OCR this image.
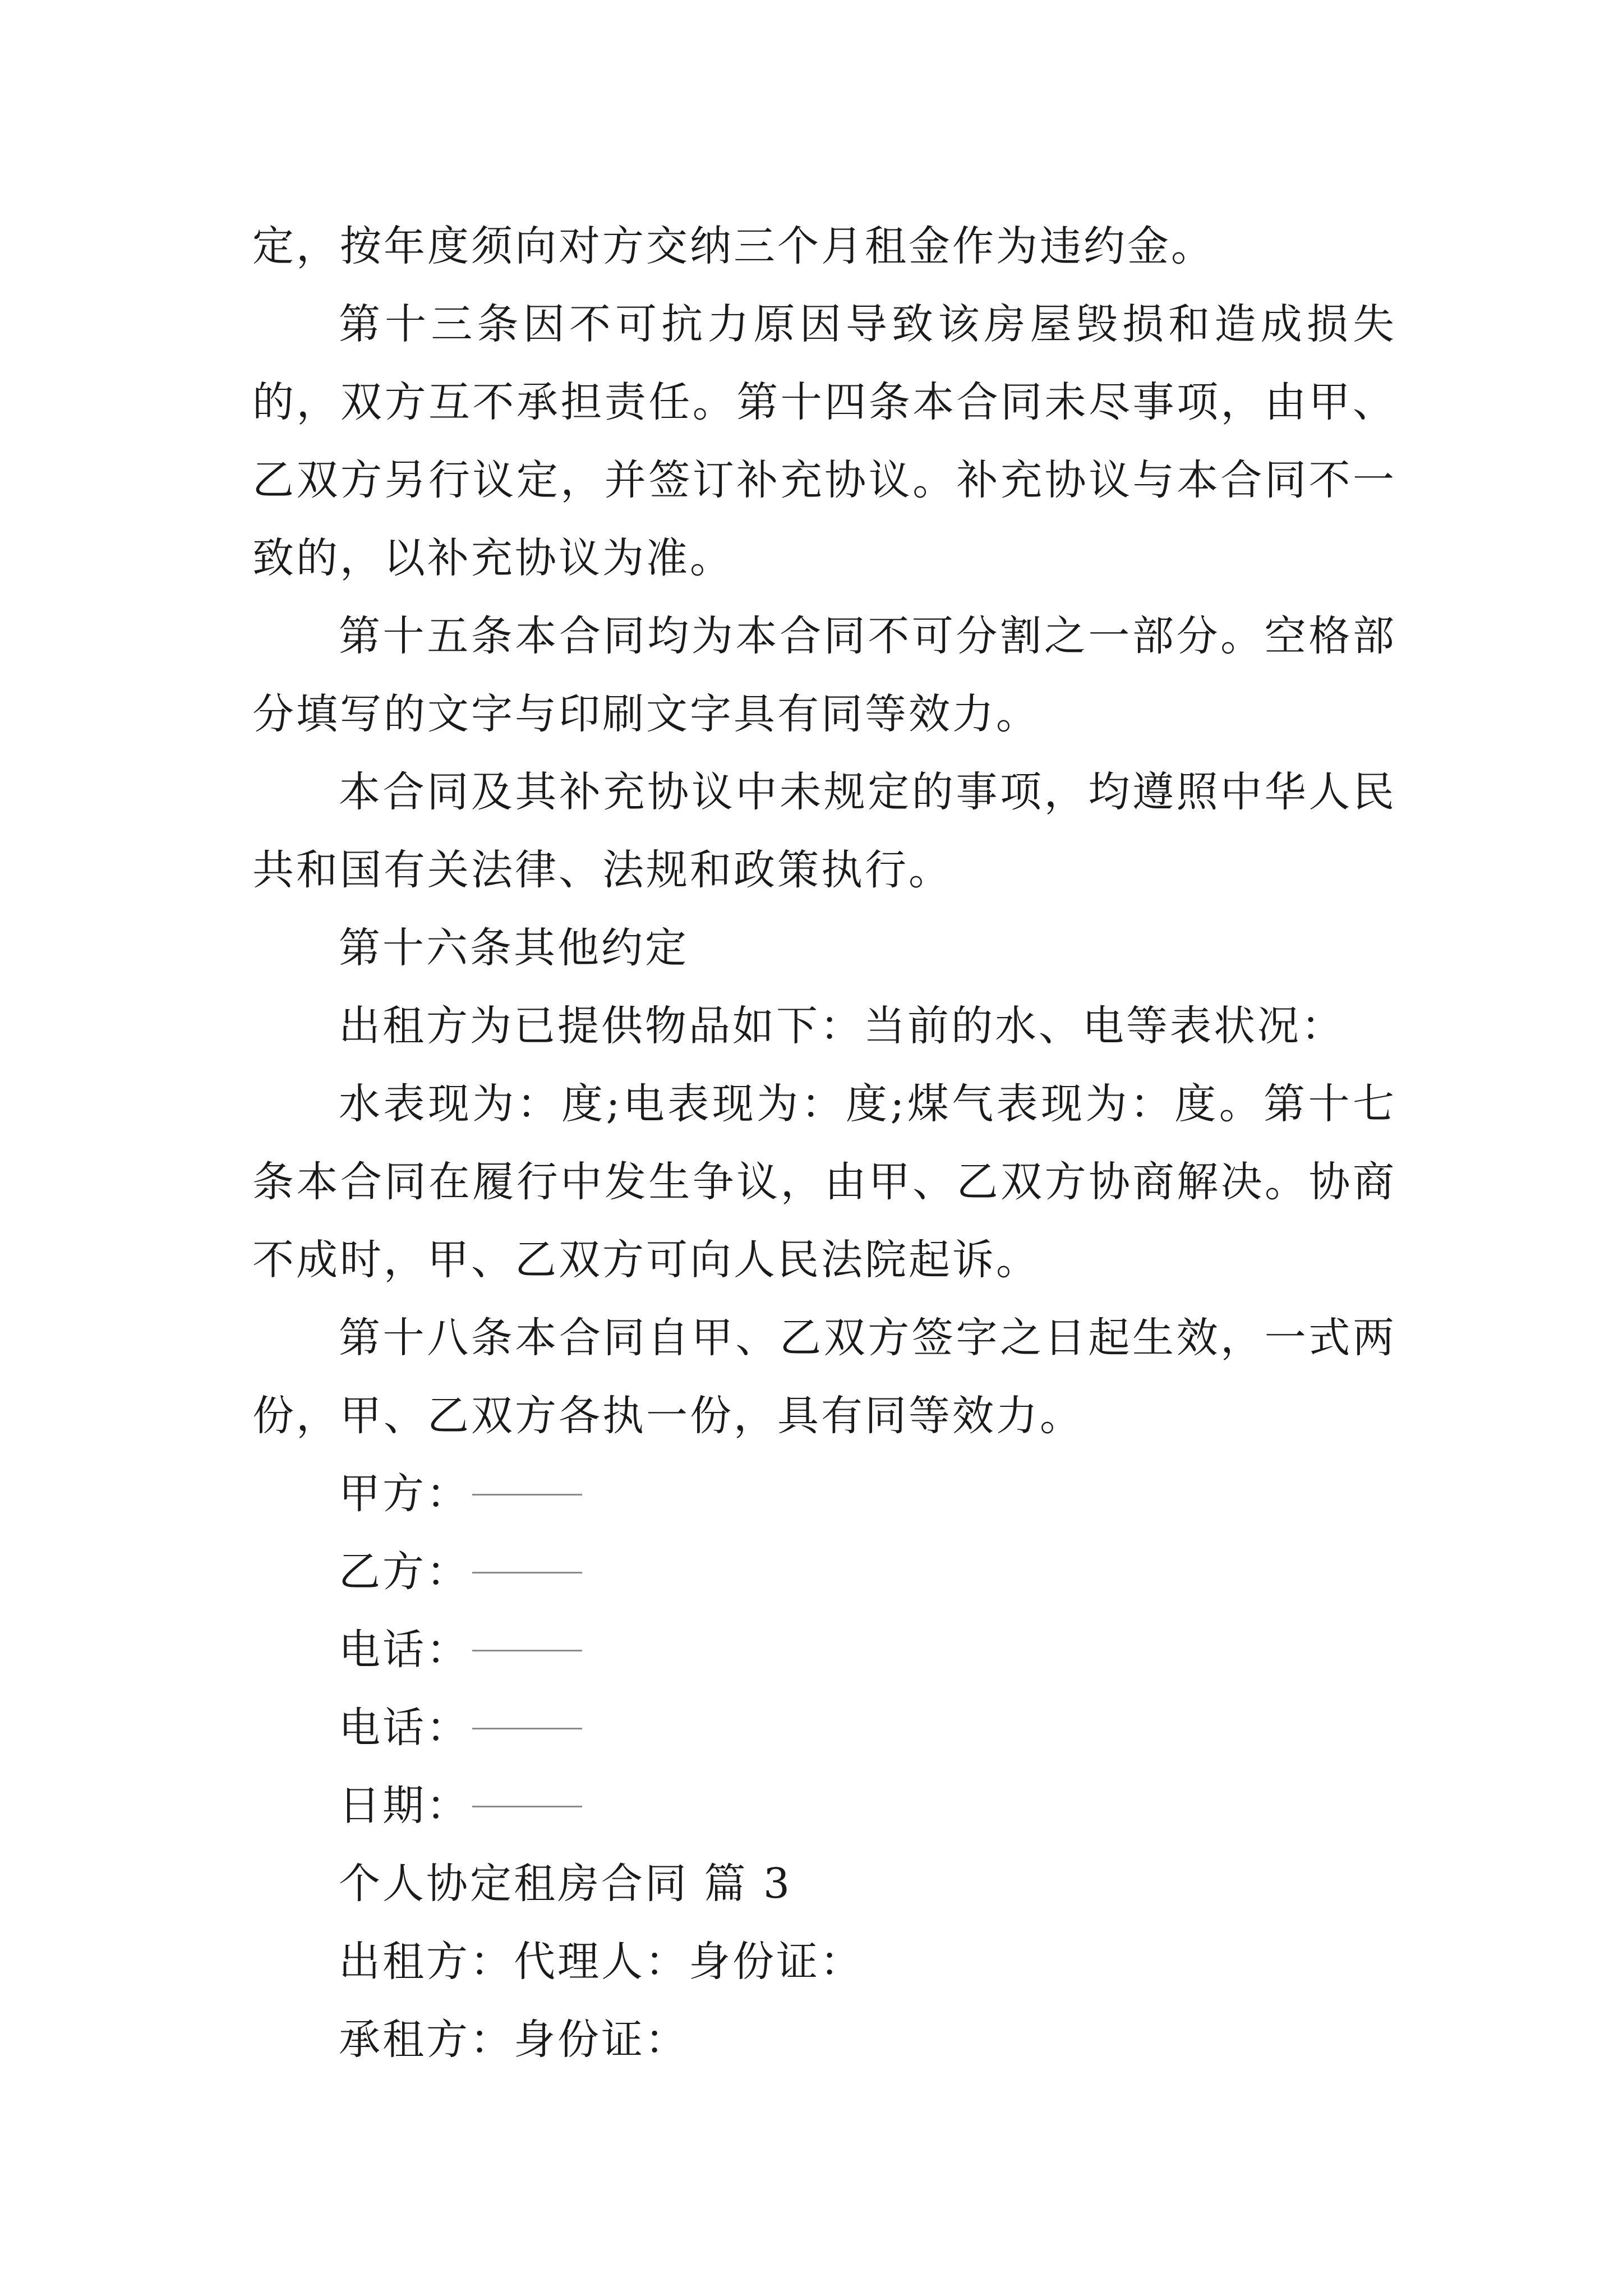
定，按年度须向对方交纳三个月租金作为违约金。

第十三条因不可抗力原因导致该房屋毁损和造成损失的，双方互不承担责任。第十四条本合同未尽事项，由甲、乙双方另行议定，并签订补充协议。补充协议与本合同不一致的，以补充协议为准。

第十五条本合同均为本合同不可分割之一部分。空格部分填写的文字与印刷文字具有同等效力。

本合同及其补充协议中未规定的事项，均遵照中华人民共和国有关法律、法规和政策执行。

第十六条其他约定

出租方为已提供物品如下：当前的水、电等表状况：

水表现为：度;电表现为：度;煤气表现为：度。第十七条本合同在履行中发生争议，由甲、乙双方协商解决。协商不成时，甲、乙双方可向人民法院起诉。

第十八条本合同自甲、乙双方签字之日起生效，一式两份，甲、乙双方各执一份，具有同等效力。

甲方：

乙方：

电话：

电话：

日期：

个人协定租房合同 篇 3

出租方：代理人：身份证：

承租方：身份证：
